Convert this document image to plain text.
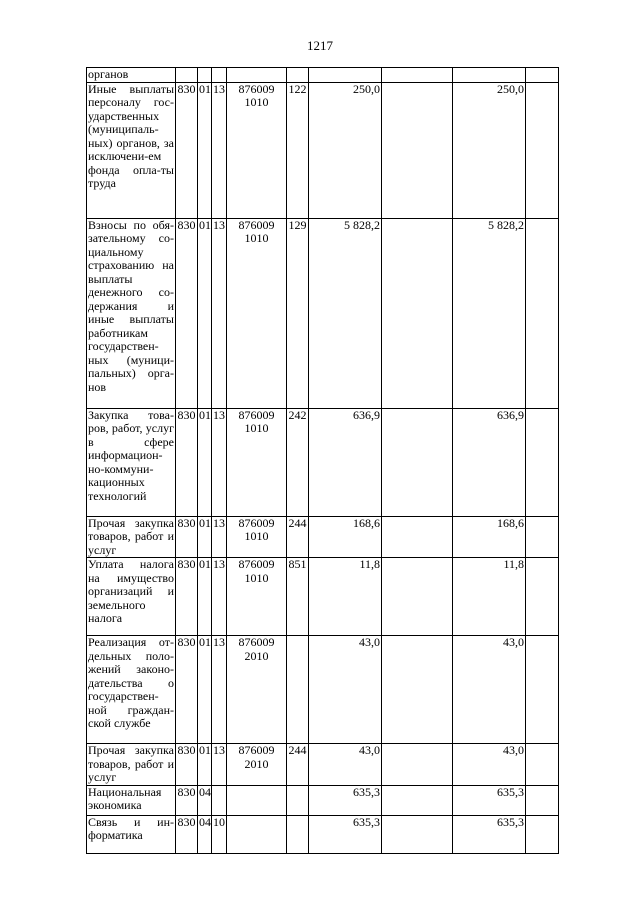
1217
органов									
Иные выплаты персоналу гос-ударственных (муниципаль-ных) органов, за исключени-ем фонда опла-ты труда	830	01	13	876009 1010	122	250,0		250,0	
Взносы по обя-зательному со-циальному страхованию на выплаты денежного со-держания и иные выплаты работникам государствен-ных (муници-пальных) орга-нов	830	01	13	876009 1010	129	5 828,2		5 828,2	
Закупка това-ров, работ, услуг в сфере информацион-но-коммуни-кационных технологий	830	01	13	876009 1010	242	636,9		636,9	
Прочая закупка товаров, работ и услуг	830	01	13	876009 1010	244	168,6		168,6	
Уплата налога на имущество организаций и земельного налога	830	01	13	876009 1010	851	11,8		11,8	
Реализация от-дельных поло-жений законо-дательства о государствен-ной граждан-ской службе	830	01	13	876009 2010		43,0		43,0	
Прочая закупка товаров, работ и услуг	830	01	13	876009 2010	244	43,0		43,0	
Национальная экономика	830	04				635,3		635,3	
Связь и ин-форматика	830	04	10			635,3		635,3	
